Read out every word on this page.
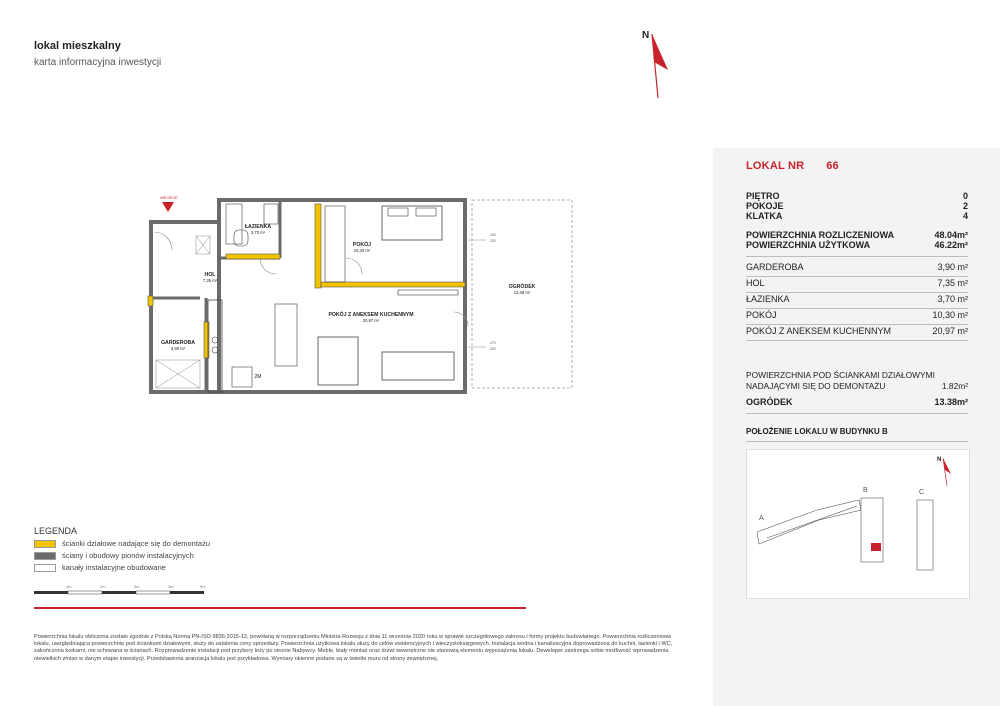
lokal mieszkalny
karta informacyjna inwestycji
N
WEJŚCIE
ŁAZIENKA
3,70 m²
POKÓJ
10,30 m²
HOL
7,35 m²
OGRÓDEK
13,38 m²
POKÓJ Z ANEKSEM KUCHENNYM
20,97 m²
GARDEROBA
3,90 m²
2M
150
220
270
220
LOKAL NR 66
PIĘTRO	0
POKOJE	2
KLATKA	4
POWIERZCHNIA ROZLICZENIOWA	48.04m²
POWIERZCHNIA UŻYTKOWA	46.22m²
GARDEROBA	3,90 m²
HOL	7,35 m²
ŁAZIENKA	3,70 m²
POKÓJ	10,30 m²
POKÓJ Z ANEKSEM KUCHENNYM	20,97 m²
POWIERZCHNIA POD ŚCIANKAMI DZIAŁOWYMI
NADAJĄCYMI SIĘ DO DEMONTAŻU	1.82m²
OGRÓDEK	13.38m²
POŁOŻENIE LOKALU W BUDYNKU B
A
B	C
N
LEGENDA
ścianki działowe nadające się do demontażu
ściany i obudowy pionów instalacyjnych
kanały instalacyjne obudowane
1m	2m	3m	4m	5m
Powierzchnia lokalu obliczona zostało zgodnie z Polską Normą PN-ISO 9836:2015-12, powołaną w rozporządzeniu Ministra Rozwoju z dnia 11 września 2020 roku w sprawie szczegółowego zakresu i formy projektu budowlanego. Powierzchnia rozliczeniowa lokalu, uwzględniająca powierzchnię pod ściankami działowymi, służy do ustalenia ceny sprzedaży. Powierzchnia użytkowa lokalu służy do celów ewidencyjnych i wieczystoksięgowych. Instalacja wodna i kanalizacyjna doprowadzona do kuchni, łazienki i WC, zakończona korkami, nie schowana w ścianach. Rozprowadzenie instalacji pod przybory leży po stronie Nabywcy. Meble, biały montaż oraz drzwi wewnętrzne nie stanowią elementu wyposażenia lokalu. Deweloper zastrzega sobie możliwość wprowadzenia niewielkich zmian w danym etapie inwestycji. Przedstawiona aranżacja lokalu jest przykładowa. Wymiary okienne podane są w świetle muru od strony zewnętrznej.
